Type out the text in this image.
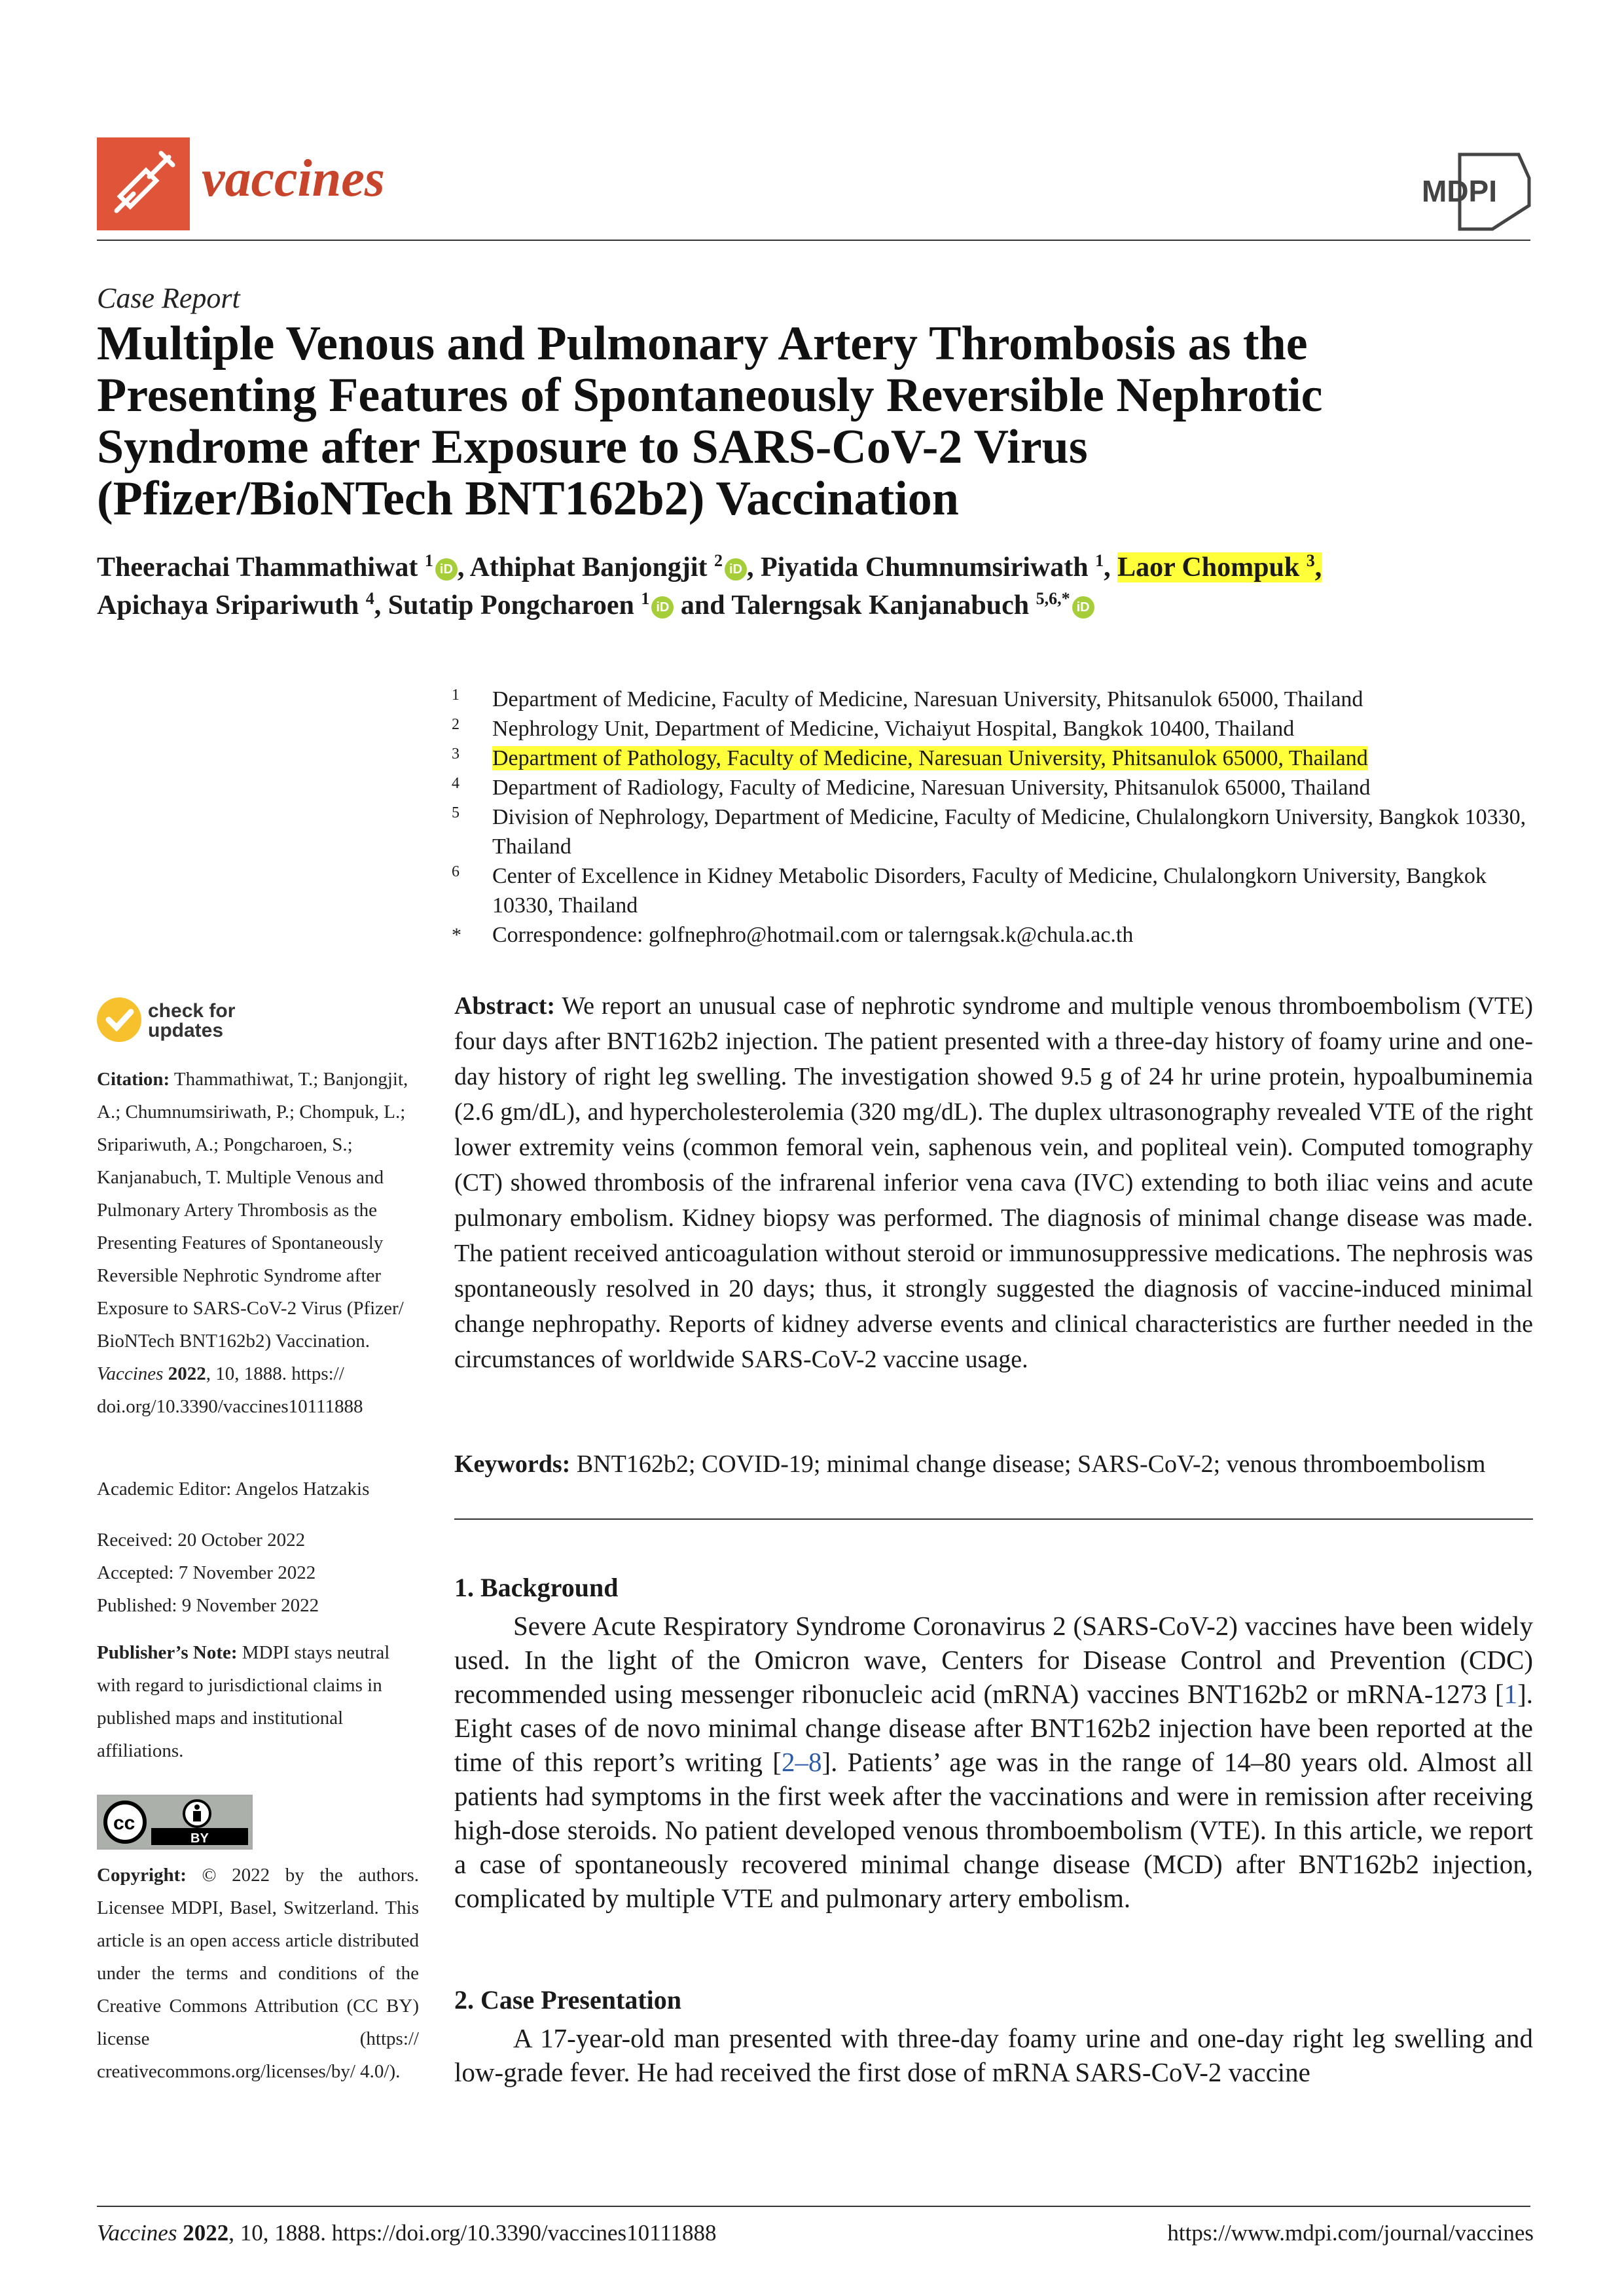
vaccines	MDPI
Case Report
Multiple Venous and Pulmonary Artery Thrombosis as the
Presenting Features of Spontaneously Reversible Nephrotic
Syndrome after Exposure to SARS-CoV-2 Virus
(Pfizer/BioNTech BNT162b2) Vaccination
Theerachai Thammathiwat $^1$ iD , Athiphat Banjongjit $^2$ iD , Piyatida Chumnumsiriwath $^1$, Laor Chompuk $^3$,
Apichaya Sripariwuth $^4$, Sutatip Pongcharoen $^1$ iD and Talerngsak Kanjanabuch $^{5,6,*}$ iD
1 Department of Medicine, Faculty of Medicine, Naresuan University, Phitsanulok 65000, Thailand
2 Nephrology Unit, Department of Medicine, Vichaiyut Hospital, Bangkok 10400, Thailand
3 Department of Pathology, Faculty of Medicine, Naresuan University, Phitsanulok 65000, Thailand
4 Department of Radiology, Faculty of Medicine, Naresuan University, Phitsanulok 65000, Thailand
5 Division of Nephrology, Department of Medicine, Faculty of Medicine, Chulalongkorn University, Bangkok 10330, Thailand
6 Center of Excellence in Kidney Metabolic Disorders, Faculty of Medicine, Chulalongkorn University, Bangkok 10330, Thailand
* Correspondence: golfnephro@hotmail.com or talerngsak.k@chula.ac.th
check for
updates
Citation: Thammathiwat, T.; Banjongjit, A.; Chumnumsiriwath, P.; Chompuk, L.; Sripariwuth, A.; Pongcharoen, S.; Kanjanabuch, T. Multiple Venous and Pulmonary Artery Thrombosis as the Presenting Features of Spontaneously Reversible Nephrotic Syndrome after Exposure to SARS-CoV-2 Virus (Pfizer/ BioNTech BNT162b2) Vaccination. Vaccines 2022, 10, 1888. https:// doi.org/10.3390/vaccines10111888
Academic Editor: Angelos Hatzakis
Received: 20 October 2022
Accepted: 7 November 2022
Published: 9 November 2022
Publisher’s Note: MDPI stays neutral with regard to jurisdictional claims in published maps and institutional affiliations.
cc
BY
Copyright: © 2022 by the authors. Licensee MDPI, Basel, Switzerland. This article is an open access article distributed under the terms and conditions of the Creative Commons Attribution (CC BY) license (https:// creativecommons.org/licenses/by/ 4.0/).

Abstract: We report an unusual case of nephrotic syndrome and multiple venous thromboembolism (VTE) four days after BNT162b2 injection. The patient presented with a three-day history of foamy urine and one-day history of right leg swelling. The investigation showed 9.5 g of 24 hr urine protein, hypoalbuminemia (2.6 gm/dL), and hypercholesterolemia (320 mg/dL). The duplex ultrasonography revealed VTE of the right lower extremity veins (common femoral vein, saphenous vein, and popliteal vein). Computed tomography (CT) showed thrombosis of the infrarenal inferior vena cava (IVC) extending to both iliac veins and acute pulmonary embolism. Kidney biopsy was performed. The diagnosis of minimal change disease was made. The patient received anticoagulation without steroid or immunosuppressive medications. The nephrosis was spontaneously resolved in 20 days; thus, it strongly suggested the diagnosis of vaccine-induced minimal change nephropathy. Reports of kidney adverse events and clinical characteristics are further needed in the circumstances of worldwide SARS-CoV-2 vaccine usage.

Keywords: BNT162b2; COVID-19; minimal change disease; SARS-CoV-2; venous thromboembolism
1. Background

Severe Acute Respiratory Syndrome Coronavirus 2 (SARS-CoV-2) vaccines have been widely used. In the light of the Omicron wave, Centers for Disease Control and Prevention (CDC) recommended using messenger ribonucleic acid (mRNA) vaccines BNT162b2 or mRNA-1273 [1]. Eight cases of de novo minimal change disease after BNT162b2 injection have been reported at the time of this report’s writing [2–8]. Patients’ age was in the range of 14–80 years old. Almost all patients had symptoms in the first week after the vaccinations and were in remission after receiving high-dose steroids. No patient developed venous thromboembolism (VTE). In this article, we report a case of spontaneously recovered minimal change disease (MCD) after BNT162b2 injection, complicated by multiple VTE and pulmonary artery embolism.

2. Case Presentation

A 17-year-old man presented with three-day foamy urine and one-day right leg swelling and low-grade fever. He had received the first dose of mRNA SARS-CoV-2 vaccine

Vaccines 2022, 10, 1888. https://doi.org/10.3390/vaccines10111888	https://www.mdpi.com/journal/vaccines
